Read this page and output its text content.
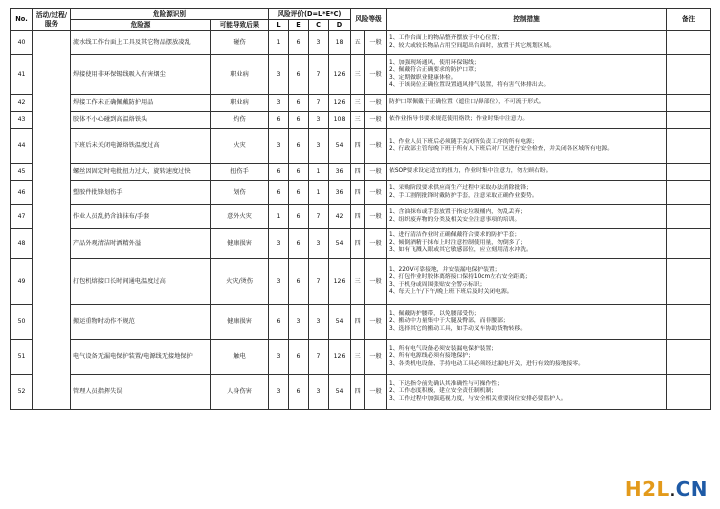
No.	活动/过程/服务	危险源识别		风险评价(D=L*E*C)				风险等级		控制措施	备注
		危险源	可能导致后果	L	E	C	D				
40		流水线工作台面上工具及其它物品摆放凌乱	碰伤	1	6	3	18	五	一般	1、工作台面上的物品整齐摆放于中心位置；
2、较大或较长物品占用空间超出台面时，放置于其它规划区域。	

41		焊接使用非环保锡线吸入有害烟尘	职业病	3	6	7	126	三	一般	1、加强现场通风，使用环保锡线；
2、佩戴符合正确要求的防护口罩；
3、定期做职业健康体检。
4、于该岗位正确位置设置通风排气装置，将有害气体排出去。	

42		焊接工作未正确佩戴防护用品	职业病	3	6	7	126	三	一般	防护口罩佩戴于正确位置（遮住口/鼻部位），不可流于形式。	

43		胶体不小心碰到高温烙铁头	灼伤	6	6	3	108	三	一般	依作业指导书要求规范使用烙铁；作业时集中注意力。	

44		下班后未关闭电源烙铁温度过高	火灾	3	6	3	54	四	一般	1、作业人员下班后必须随手关闭所负责工序的所有电源；
2、行政部主管每晚下班于所有人下班后对厂区进行安全检查，并关闭各区域所有电源。	

45		螺丝因固定时电批扭力过大，旋转速度过快	扭伤手	6	6	1	36	四	一般	依SOP要求设定适宜的扭力，作业时集中注意力，勿左顾右盼。	

46		塑胶件批锋划伤手	划伤	6	6	1	36	四	一般	1、采购阶段要求供应商生产过程中采取办法消除批锋；
2、手工割削批锋时戴防护手套，注意采取正确作业姿势。	

47		作业人员乱扔含油抹布/手套	意外火灾	1	6	7	42	四	一般	1、含油抹布或手套放置于指定垃圾桶内，勿乱丢弃；
2、组织废弃物的分类及相关安全注意事项的培训。	

48		产品外观清洁时洒精外溢	健康损害	3	6	3	54	四	一般	1、进行清洁作业时正确佩戴符合要求的防护手套；
2、倾倒酒精于抹布上时注意控制使用量，勿倒多了；
3、如有飞溅入眼或其它敏感部位，应立刻用清水冲洗。	

49		打包机熔接口长时间通电温度过高	火灾/烫伤	3	6	7	126	三	一般	1、220V可靠接地，并安装漏电保护装置；
2、打包作业时胶体离熔接口保持10cm左右安全距离；
3、于机身或周围张贴安全警示标识；
4、每天上午/下午/晚上班下班后及时关闭电源。	

50		搬运重物时动作不规范	健康损害	6	3	3	54	四	一般	1、佩戴防护腰带，以免腰部受伤；
2、搬动中力量集中于大腿及臀部，而非腰部；
3、选择其它的搬动工具，如手动叉车协助货物转移。	

51		电气设备无漏电保护装置/电源线无接地保护	触电	3	6	7	126	三	一般	1、所有电气设备必须安装漏电保护装置；
2、所有电源线必须有接地保护；
3、各类机电设备、手持电动工具必须经过漏电开关，进行有效的接地接零。	

52		管理人员指挥失误	人身伤害	3	6	3	54	四	一般	1、下达指令前先确认其准确性与可操作性；
2、工作态度积极，建立安全责任制机制；
3、工作过程中加强巡视力度，与安全相关重要岗位安排必要监护人。	

H2L.CN
